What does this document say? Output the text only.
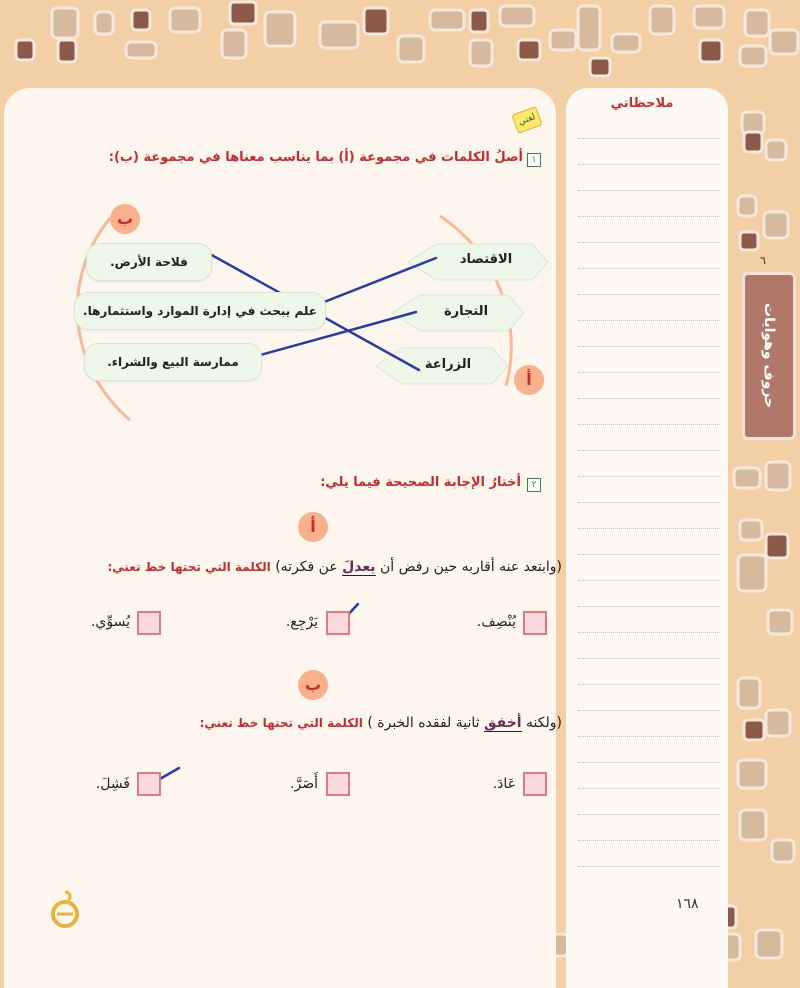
ملاحظاتي
حروف وهوايات
٦
لغتي
١
أصلُ الكلمات في مجموعة (أ) بما يناسب معناها في مجموعة (ب):
ب
أ
فلاحة الأرض.
علم يبحث في إدارة الموارد واستثمارها.
ممارسة البيع والشراء.
الاقتصاد
التجارة
الزراعة
٢
أختارُ الإجابة الصحيحة فيما يلي:
أ
(وابتعد عنه أقاربه حين رفض أن يعدلَ عن فكرته) الكلمة التي تحتها خط تعني:
يُنْصِف.
يَرْجِع.
يُسوِّي.
ب
(ولكنه أخفق ثانية لفقده الخبرة ) الكلمة التي تحتها خط تعني:
عَادَ.
أَصَرَّ.
فَشِلَ.
١٦٨
